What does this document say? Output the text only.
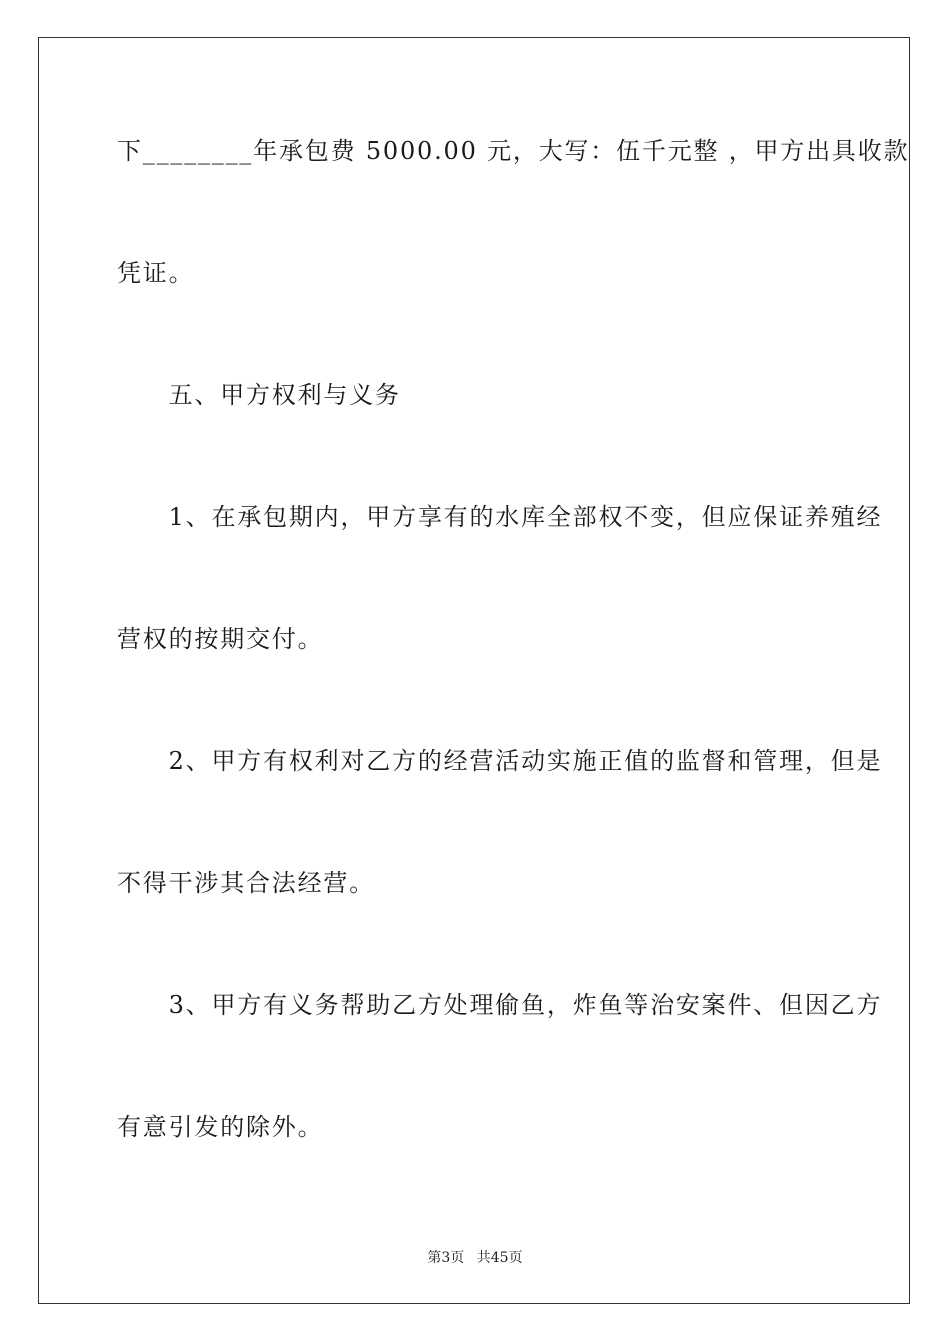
下________年承包费 5000.00 元，大写：伍千元整 ，甲方出具收款
凭证。
　　五、甲方权利与义务
　　1、在承包期内，甲方享有的水库全部权不变，但应保证养殖经
营权的按期交付。
　　2、甲方有权利对乙方的经营活动实施正值的监督和管理，但是
不得干涉其合法经营。
　　3、甲方有义务帮助乙方处理偷鱼，炸鱼等治安案件、但因乙方
有意引发的除外。
第3页 共45页
